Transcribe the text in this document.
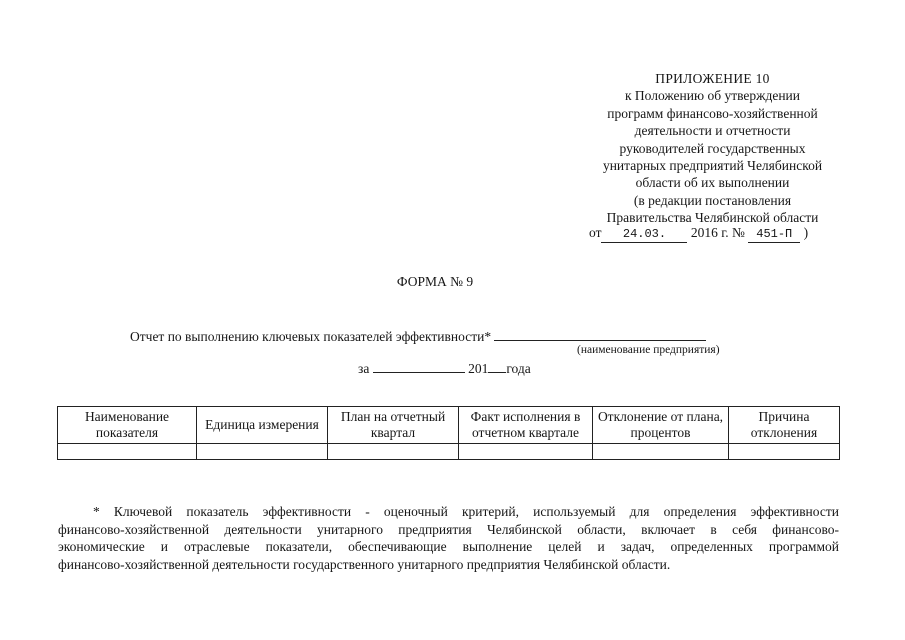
ПРИЛОЖЕНИЕ 10
к Положению об утверждении
программ финансово-хозяйственной
деятельности и отчетности
руководителей государственных
унитарных предприятий Челябинской
области об их выполнении
(в редакции постановления
Правительства Челябинской области
от 24.03. 2016 г. № 451-П )
ФОРМА № 9
Отчет по выполнению ключевых показателей эффективности*
(наименование предприятия)
за	201 года
Наименование показателя	Единица измерения	План на отчетный квартал	Факт исполнения в отчетном квартале	Отклонение от плана, процентов	Причина отклонения

* Ключевой показатель эффективности - оценочный критерий, используемый для определения эффективности
финансово-хозяйственной деятельности унитарного предприятия Челябинской области, включает в себя финансово-
экономические и отраслевые показатели, обеспечивающие выполнение целей и задач, определенных программой
финансово-хозяйственной деятельности государственного унитарного предприятия Челябинской области.
